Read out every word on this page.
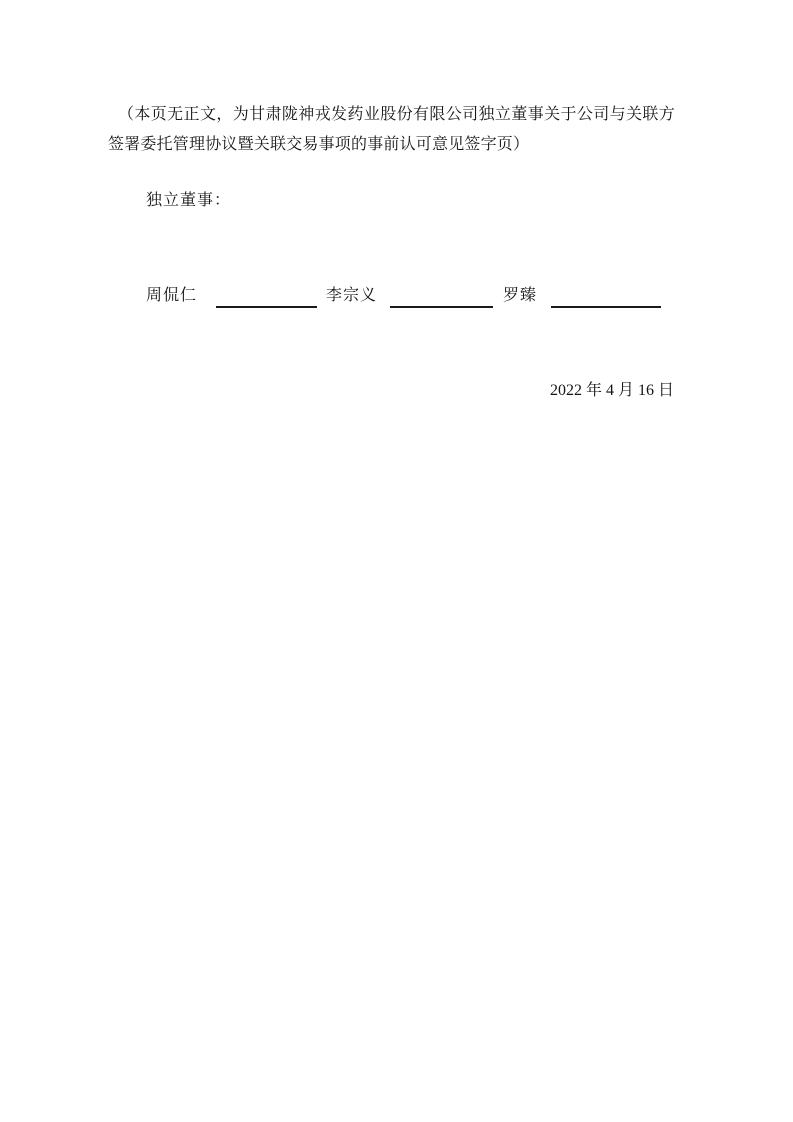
（本页无正文，为甘肃陇神戎发药业股份有限公司独立董事关于公司与关联方签署委托管理协议暨关联交易事项的事前认可意见签字页）

独立董事：
周侃仁	李宗义	罗臻
2022 年 4 月 16 日
